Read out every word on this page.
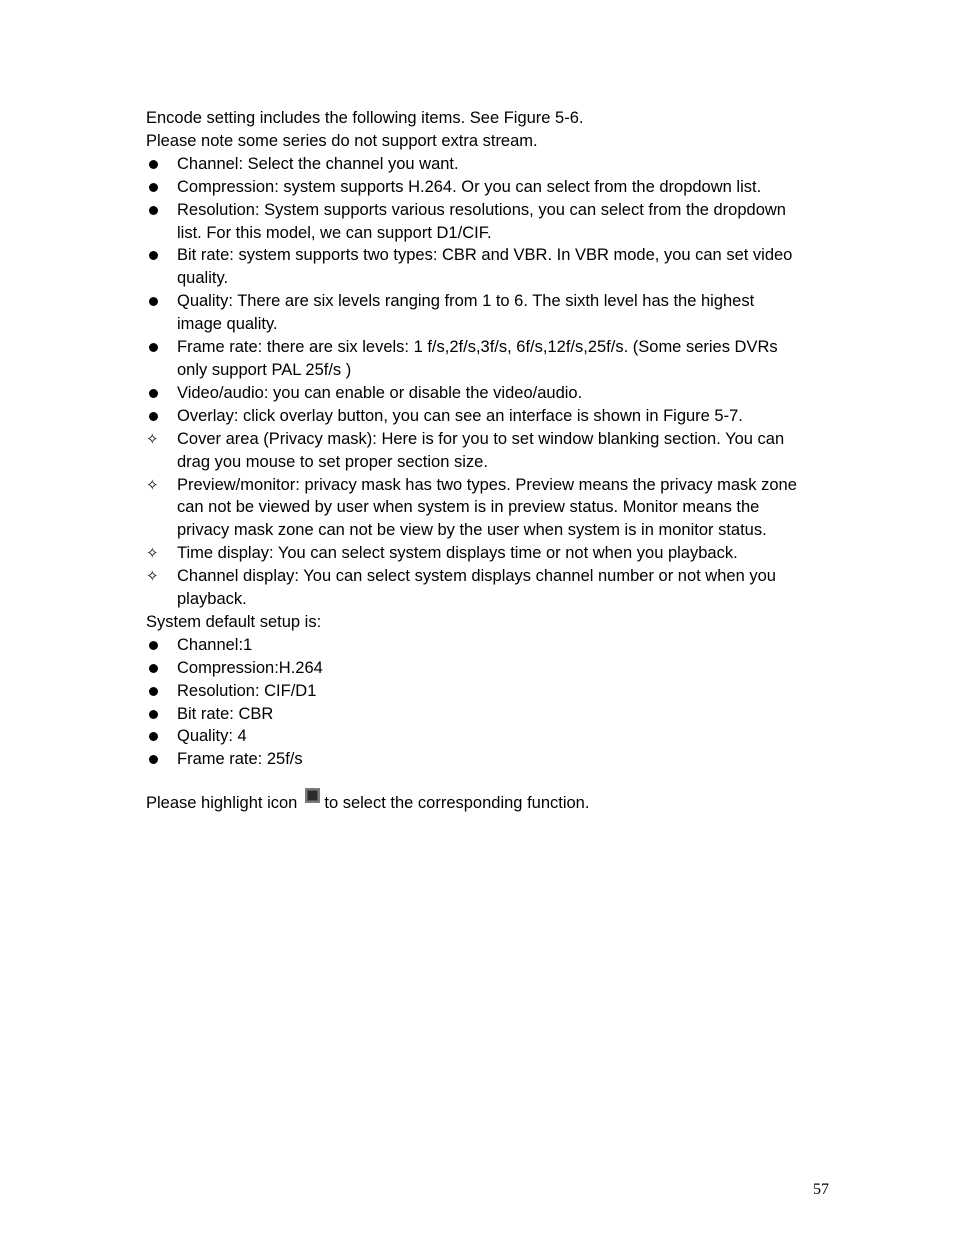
Encode setting includes the following items. See Figure 5-6.

Please note some series do not support extra stream.

Channel: Select the channel you want.
Compression: system supports H.264. Or you can select from the dropdown list.
Resolution: System supports various resolutions, you can select from the dropdown
list. For this model, we can support D1/CIF.
Bit rate: system supports two types: CBR and VBR. In VBR mode, you can set video
quality.
Quality: There are six levels ranging from 1 to 6. The sixth level has the highest
image quality.
Frame rate: there are six levels: 1 f/s,2f/s,3f/s, 6f/s,12f/s,25f/s. (Some series DVRs
only support PAL 25f/s )
Video/audio: you can enable or disable the video/audio.
Overlay: click overlay button, you can see an interface is shown in Figure 5-7.
✧	Cover area (Privacy mask): Here is for you to set window blanking section. You can
drag you mouse to set proper section size.
✧	Preview/monitor: privacy mask has two types. Preview means the privacy mask zone
can not be viewed by user when system is in preview status. Monitor means the
privacy mask zone can not be view by the user when system is in monitor status.
✧	Time display: You can select system displays time or not when you playback.
✧	Channel display: You can select system displays channel number or not when you
playback.

System default setup is:

Channel:1
Compression:H.264
Resolution: CIF/D1
Bit rate: CBR
Quality: 4
Frame rate: 25f/s

Please highlight icon to select the corresponding function.

57
